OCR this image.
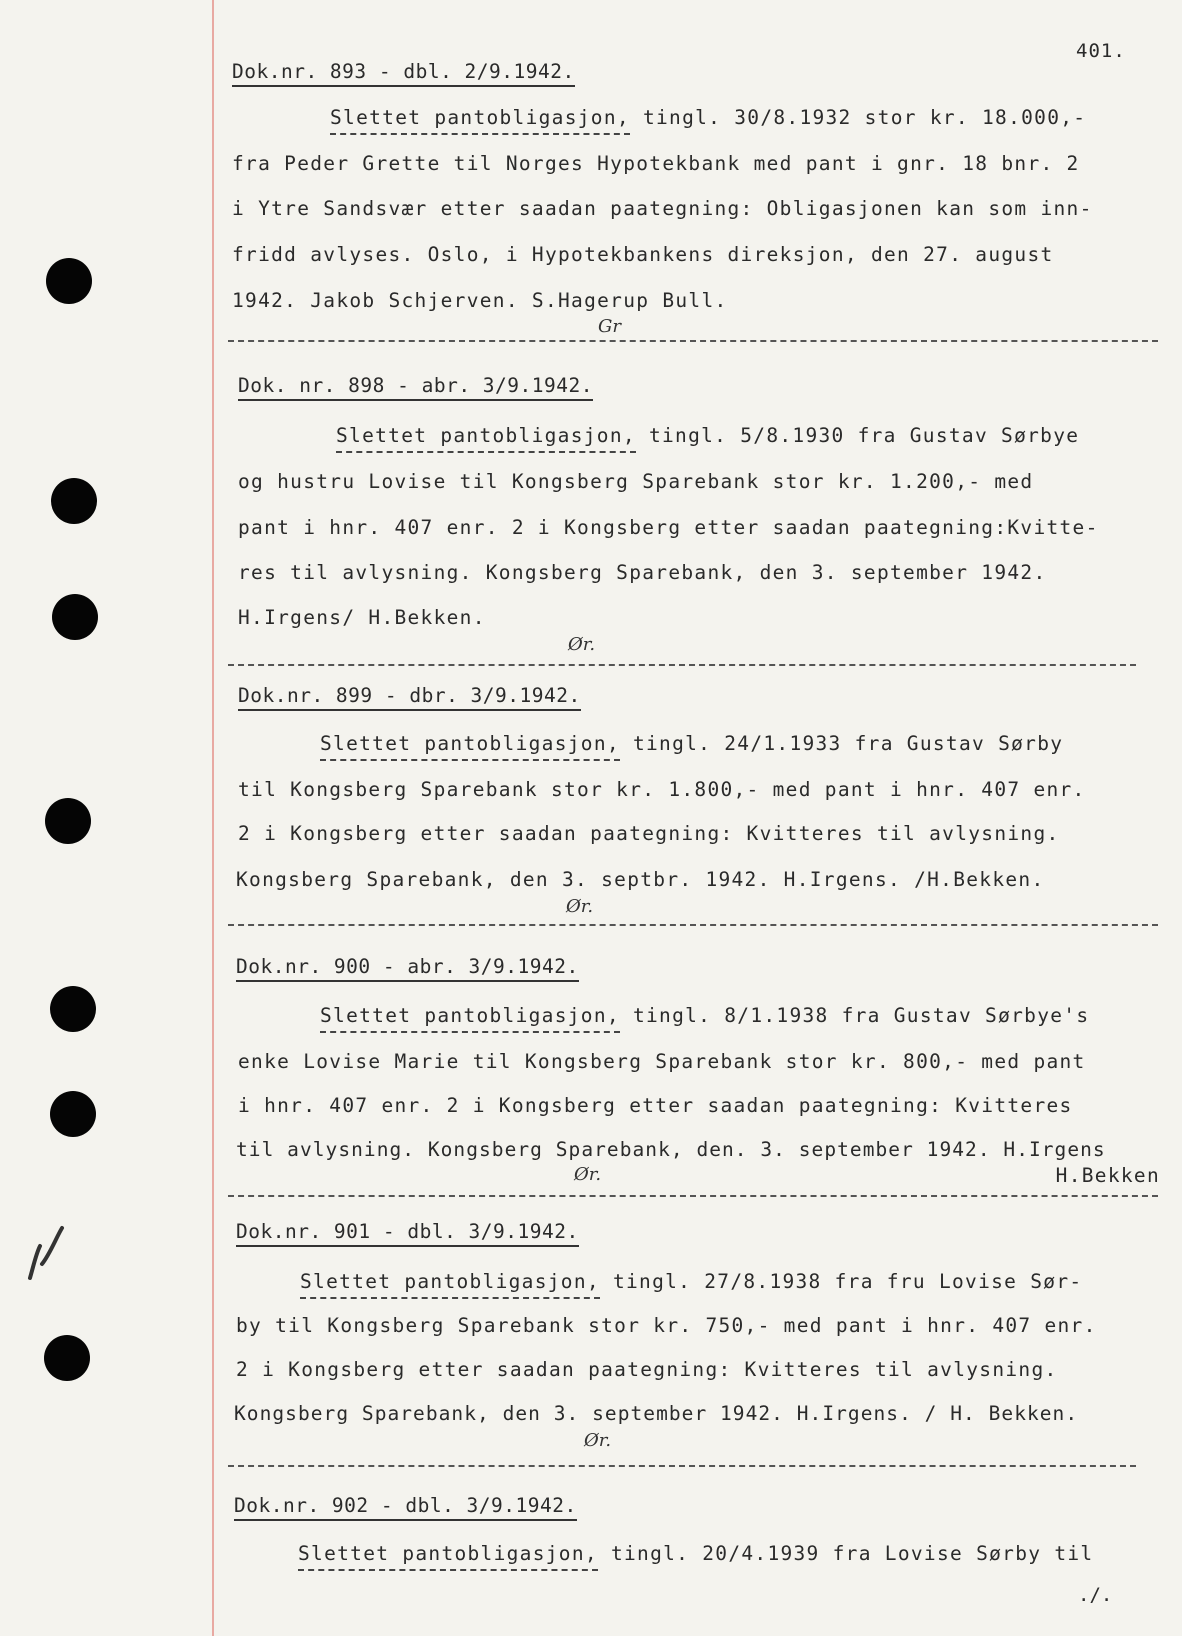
401.
Dok.nr. 893 - dbl. 2/9.1942.
Slettet pantobligasjon, tingl. 30/8.1932 stor kr. 18.000,-
fra Peder Grette til Norges Hypotekbank med pant i gnr. 18 bnr. 2
i Ytre Sandsvær etter saadan paategning: Obligasjonen kan som inn-
fridd avlyses. Oslo, i Hypotekbankens direksjon, den 27. august
1942. Jakob Schjerven. S.Hagerup Bull.
Gr
Dok. nr. 898 - abr. 3/9.1942.
Slettet pantobligasjon, tingl. 5/8.1930 fra Gustav Sørbye
og hustru Lovise til Kongsberg Sparebank stor kr. 1.200,- med
pant i hnr. 407 enr. 2 i Kongsberg etter saadan paategning:Kvitte-
res til avlysning. Kongsberg Sparebank, den 3. september 1942.
H.Irgens/ H.Bekken.
Ør.
Dok.nr. 899 - dbr. 3/9.1942.
Slettet pantobligasjon, tingl. 24/1.1933 fra Gustav Sørby
til Kongsberg Sparebank stor kr. 1.800,- med pant i hnr. 407 enr.
2 i Kongsberg etter saadan paategning: Kvitteres til avlysning.
Kongsberg Sparebank, den 3. septbr. 1942. H.Irgens. /H.Bekken.
Ør.
Dok.nr. 900 - abr. 3/9.1942.
Slettet pantobligasjon, tingl. 8/1.1938 fra Gustav Sørbye's
enke Lovise Marie til Kongsberg Sparebank stor kr. 800,- med pant
i hnr. 407 enr. 2 i Kongsberg etter saadan paategning: Kvitteres
til avlysning. Kongsberg Sparebank, den. 3. september 1942. H.Irgens
H.Bekken
Ør.
Dok.nr. 901 - dbl. 3/9.1942.
Slettet pantobligasjon, tingl. 27/8.1938 fra fru Lovise Sør-
by til Kongsberg Sparebank stor kr. 750,- med pant i hnr. 407 enr.
2 i Kongsberg etter saadan paategning: Kvitteres til avlysning.
Kongsberg Sparebank, den 3. september 1942. H.Irgens. / H. Bekken.
Ør.
Dok.nr. 902 - dbl. 3/9.1942.
Slettet pantobligasjon, tingl. 20/4.1939 fra Lovise Sørby til
./.
